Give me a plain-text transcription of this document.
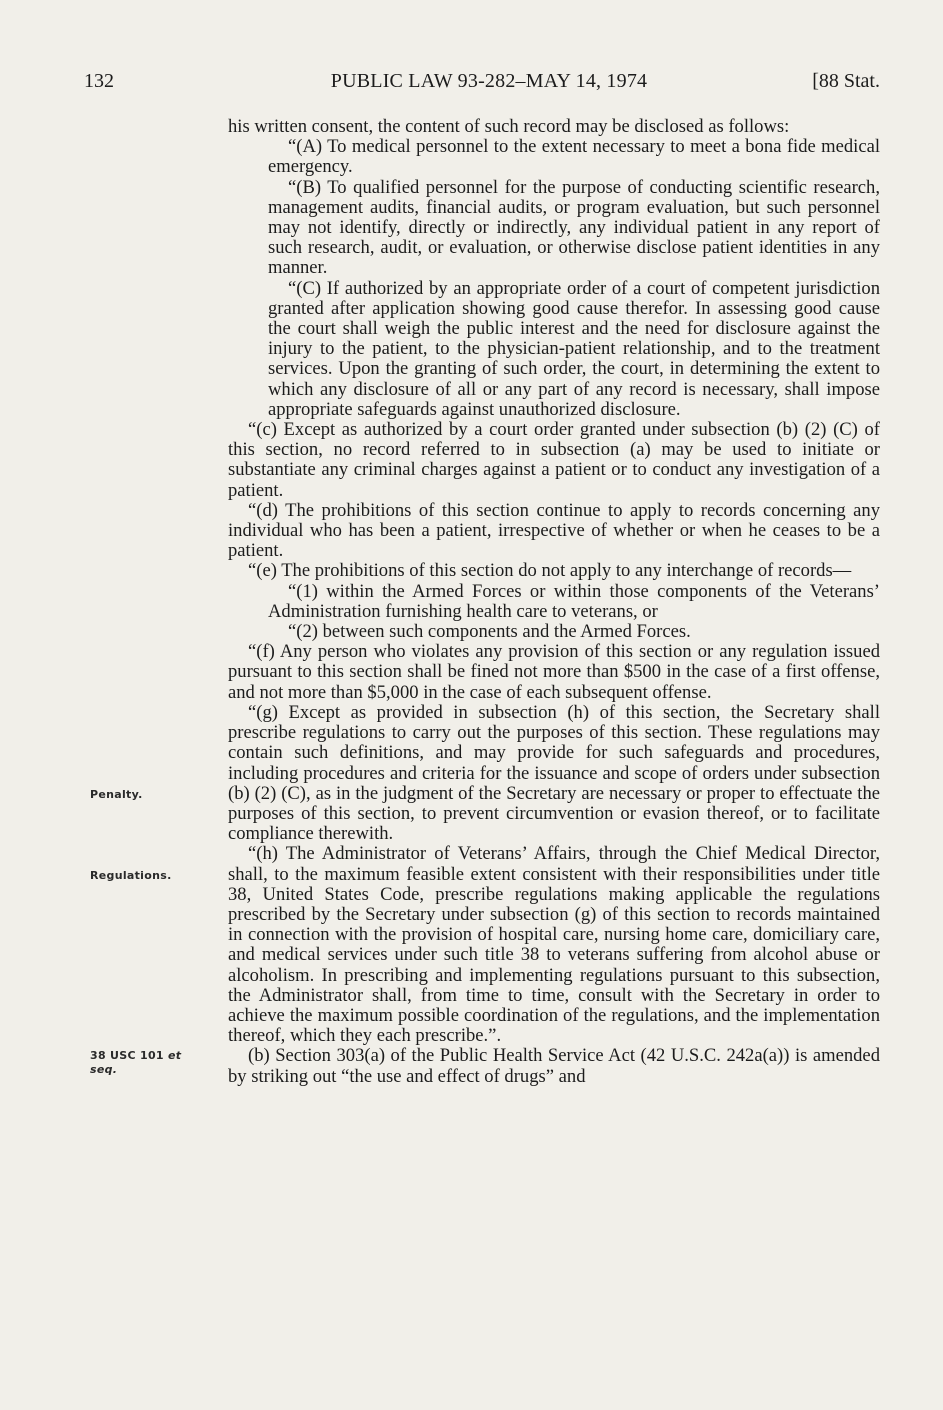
132	PUBLIC LAW 93-282–MAY 14, 1974	[88 Stat.

his written consent, the content of such record may be disclosed as follows:

“(A) To medical personnel to the extent necessary to meet a bona fide medical emergency.

“(B) To qualified personnel for the purpose of conducting scientific research, management audits, financial audits, or program evaluation, but such personnel may not identify, directly or indirectly, any individual patient in any report of such research, audit, or evaluation, or otherwise disclose patient identities in any manner.

“(C) If authorized by an appropriate order of a court of competent jurisdiction granted after application showing good cause therefor. In assessing good cause the court shall weigh the public interest and the need for disclosure against the injury to the patient, to the physician-patient relationship, and to the treatment services. Upon the granting of such order, the court, in determining the extent to which any disclosure of all or any part of any record is necessary, shall impose appropriate safeguards against unauthorized disclosure.

“(c) Except as authorized by a court order granted under subsection (b) (2) (C) of this section, no record referred to in subsection (a) may be used to initiate or substantiate any criminal charges against a patient or to conduct any investigation of a patient.

“(d) The prohibitions of this section continue to apply to records concerning any individual who has been a patient, irrespective of whether or when he ceases to be a patient.

“(e) The prohibitions of this section do not apply to any interchange of records—

“(1) within the Armed Forces or within those components of the Veterans’ Administration furnishing health care to veterans, or

“(2) between such components and the Armed Forces.

“(f) Any person who violates any provision of this section or any regulation issued pursuant to this section shall be fined not more than $500 in the case of a first offense, and not more than $5,000 in the case of each subsequent offense.

“(g) Except as provided in subsection (h) of this section, the Secretary shall prescribe regulations to carry out the purposes of this section. These regulations may contain such definitions, and may provide for such safeguards and procedures, including procedures and criteria for the issuance and scope of orders under subsection (b) (2) (C), as in the judgment of the Secretary are necessary or proper to effectuate the purposes of this section, to prevent circumvention or evasion thereof, or to facilitate compliance therewith.

“(h) The Administrator of Veterans’ Affairs, through the Chief Medical Director, shall, to the maximum feasible extent consistent with their responsibilities under title 38, United States Code, prescribe regulations making applicable the regulations prescribed by the Secretary under subsection (g) of this section to records maintained in connection with the provision of hospital care, nursing home care, domiciliary care, and medical services under such title 38 to veterans suffering from alcohol abuse or alcoholism. In prescribing and implementing regulations pursuant to this subsection, the Administrator shall, from time to time, consult with the Secretary in order to achieve the maximum possible coordination of the regulations, and the implementation thereof, which they each prescribe.”.

(b) Section 303(a) of the Public Health Service Act (42 U.S.C. 242a(a)) is amended by striking out “the use and effect of drugs” and

Penalty.
Regulations.
38 USC 101 et
seq.
